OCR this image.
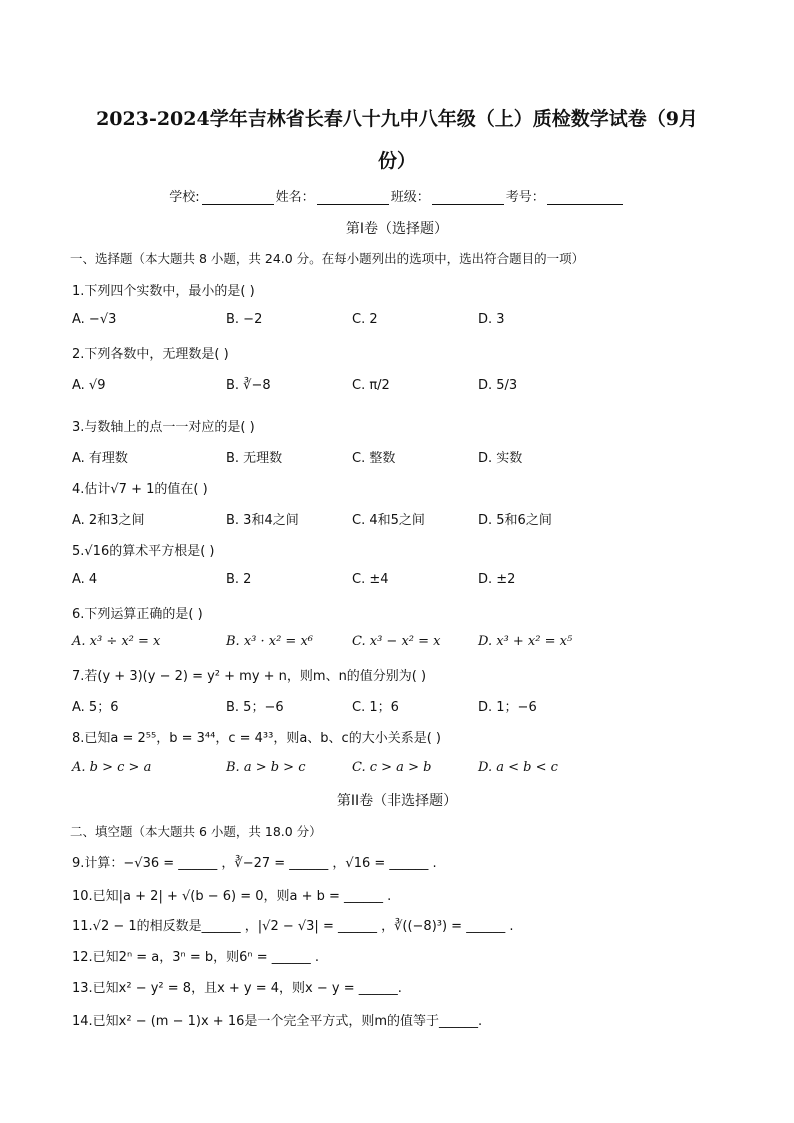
2023-2024学年吉林省长春八十九中八年级（上）质检数学试卷（9月
份）
学校:	姓名：	班级：	考号：
第I卷（选择题）
一、选择题（本大题共 8 小题，共 24.0 分。在每小题列出的选项中，选出符合题目的一项）
1.下列四个实数中，最小的是( )
A. −√3	B. −2	C. 2	D. 3
2.下列各数中，无理数是( )
A. √9	B. ∛−8	C. π/2	D. 5/3
3.与数轴上的点一一对应的是( )
A. 有理数	B. 无理数	C. 整数	D. 实数
4.估计√7 + 1的值在( )
A. 2和3之间	B. 3和4之间	C. 4和5之间	D. 5和6之间
5.√16的算术平方根是( )
A. 4	B. 2	C. ±4	D. ±2
6.下列运算正确的是( )
A. x³ ÷ x² = x	B. x³ · x² = x⁶	C. x³ − x² = x	D. x³ + x² = x⁵
7.若(y + 3)(y − 2) = y² + my + n，则m、n的值分别为( )
A. 5；6	B. 5；−6	C. 1；6	D. 1；−6
8.已知a = 2⁵⁵，b = 3⁴⁴，c = 4³³，则a、b、c的大小关系是( )
A. b > c > a	B. a > b > c	C. c > a > b	D. a < b < c
第II卷（非选择题）
二、填空题（本大题共 6 小题，共 18.0 分）
9.计算：−√36 = ______ ，∛−27 = ______ ，√16 = ______ .
10.已知|a + 2| + √(b − 6) = 0，则a + b = ______ .
11.√2 − 1的相反数是______ ，|√2 − √3| = ______ ，∛((−8)³) = ______ .
12.已知2ⁿ = a，3ⁿ = b，则6ⁿ = ______ .
13.已知x² − y² = 8，且x + y = 4，则x − y = ______.
14.已知x² − (m − 1)x + 16是一个完全平方式，则m的值等于______.
